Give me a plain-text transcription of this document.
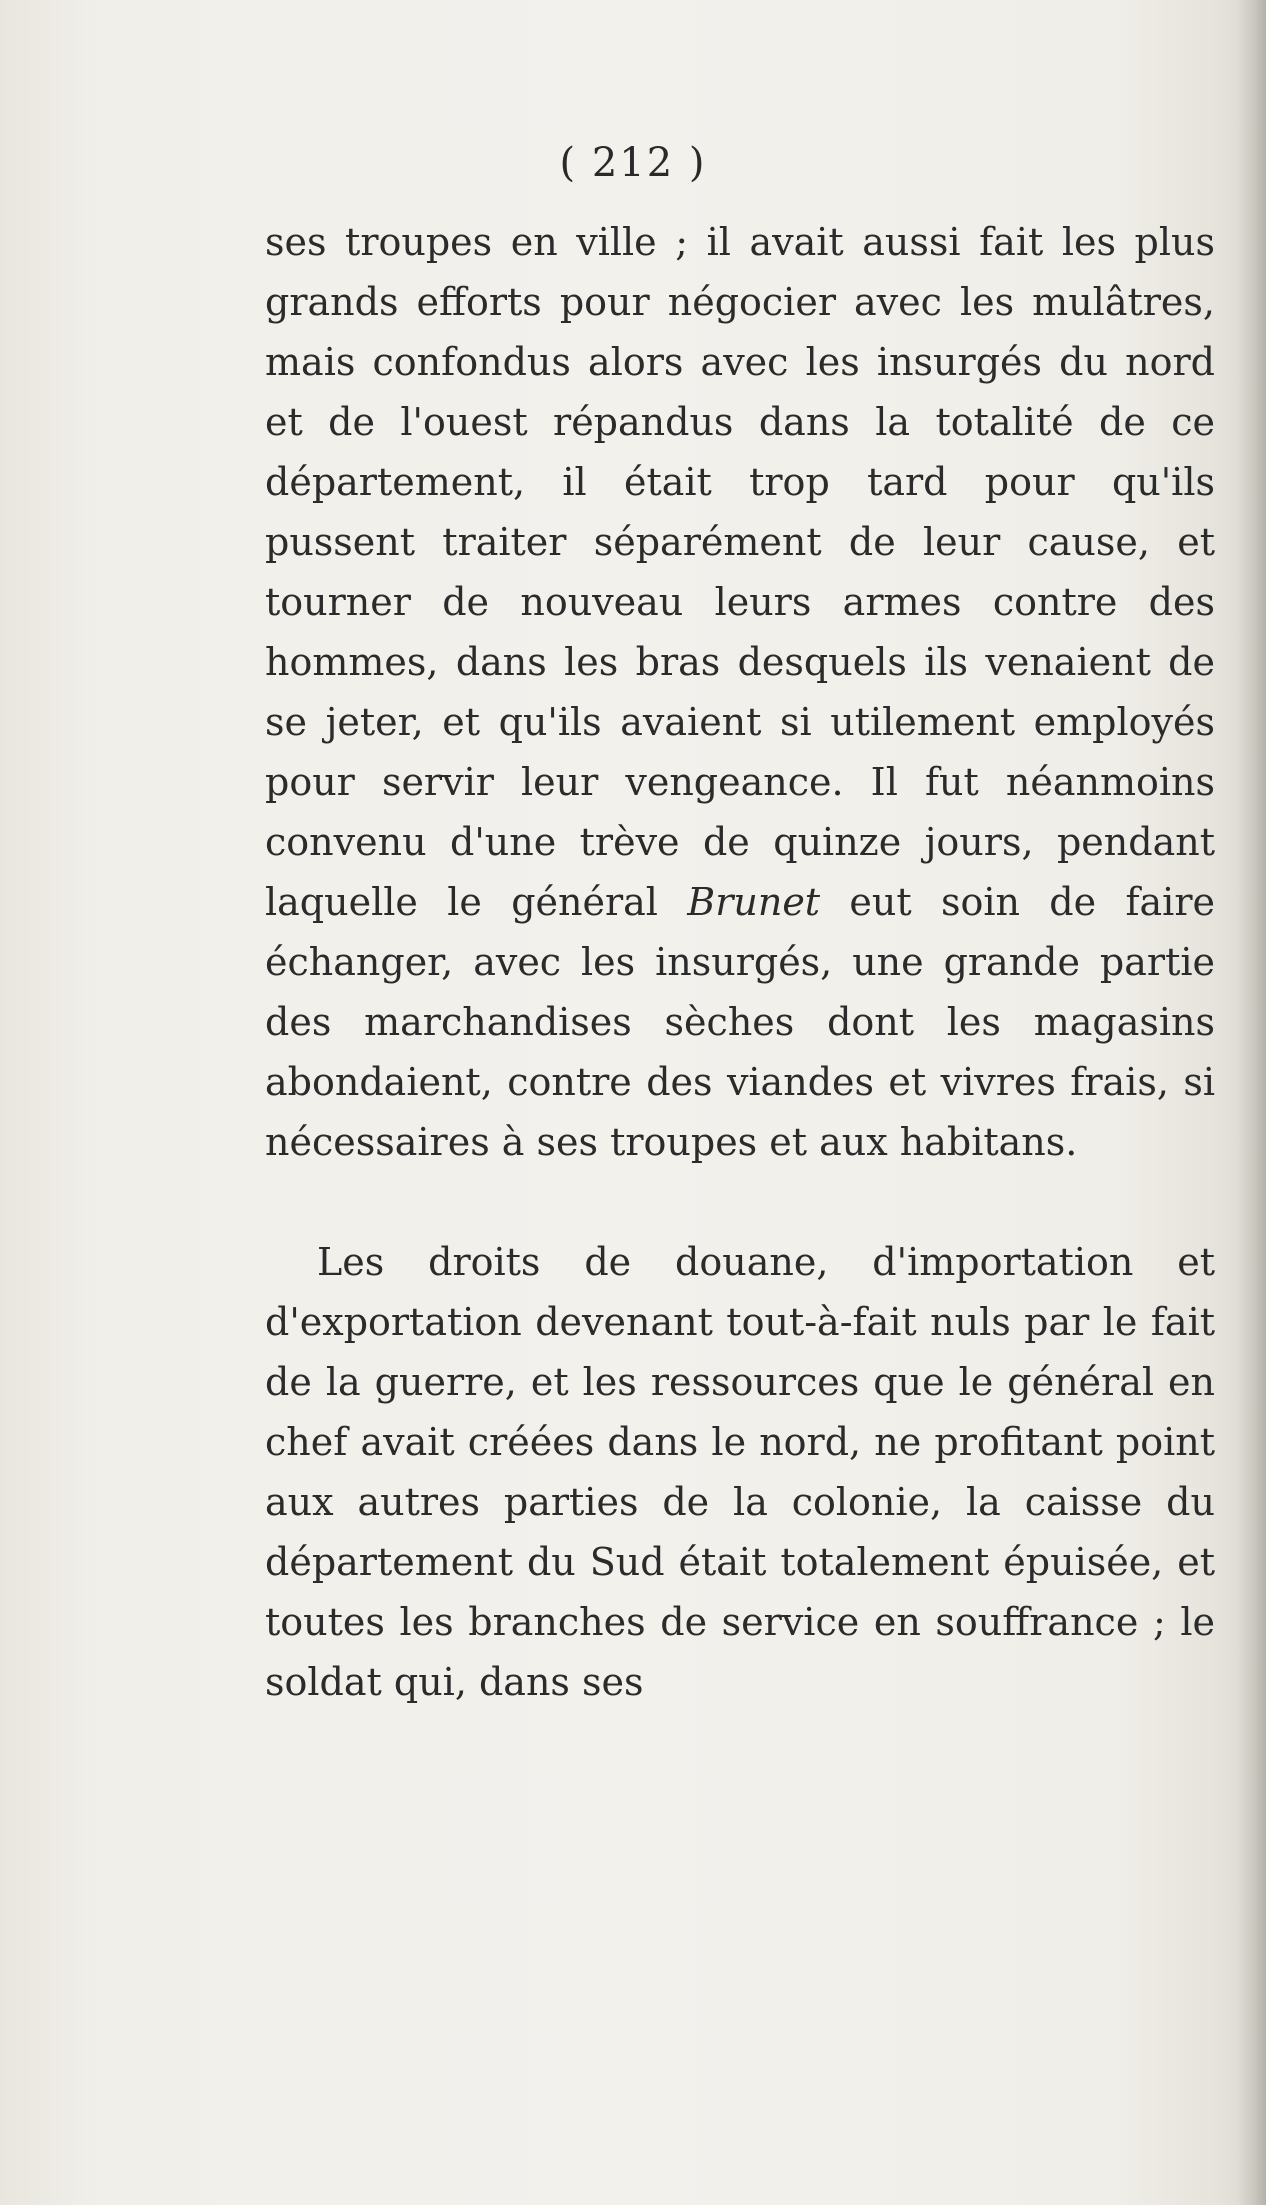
( 212 )

ses troupes en ville ; il avait aussi fait les plus grands efforts pour négocier avec les mulâtres, mais confondus alors avec les insurgés du nord et de l'ouest répandus dans la totalité de ce département, il était trop tard pour qu'ils pussent traiter séparément de leur cause, et tourner de nouveau leurs armes contre des hommes, dans les bras desquels ils venaient de se jeter, et qu'ils avaient si utilement employés pour servir leur vengeance. Il fut néanmoins convenu d'une trève de quinze jours, pendant laquelle le général Brunet eut soin de faire échanger, avec les insurgés, une grande partie des marchandises sèches dont les magasins abondaient, contre des viandes et vivres frais, si nécessaires à ses troupes et aux habitans.

Les droits de douane, d'importation et d'exportation devenant tout-à-fait nuls par le fait de la guerre, et les ressources que le général en chef avait créées dans le nord, ne profitant point aux autres parties de la colonie, la caisse du département du Sud était totalement épuisée, et toutes les branches de service en souffrance ; le soldat qui, dans ses
